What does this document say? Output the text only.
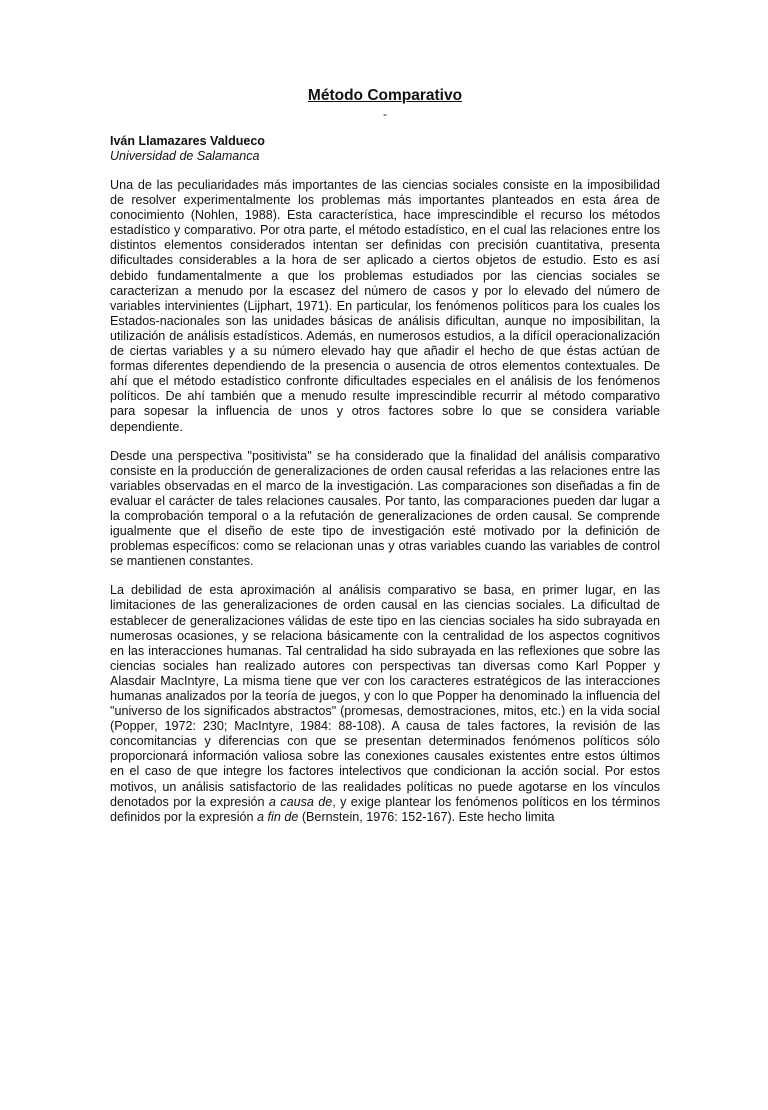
Método Comparativo
-
Iván Llamazares Valdueco
Universidad de Salamanca

Una de las peculiaridades más importantes de las ciencias sociales consiste en la imposibilidad de resolver experimentalmente los problemas más importantes planteados en esta área de conocimiento (Nohlen, 1988). Esta característica, hace imprescindible el recurso los métodos estadístico y comparativo. Por otra parte, el método estadístico, en el cual las relaciones entre los distintos elementos considerados intentan ser definidas con precisión cuantitativa, presenta dificultades considerables a la hora de ser aplicado a ciertos objetos de estudio. Esto es así debido fundamentalmente a que los problemas estudiados por las ciencias sociales se caracterizan a menudo por la escasez del número de casos y por lo elevado del número de variables intervinientes (Lijphart, 1971). En particular, los fenómenos políticos para los cuales los Estados-nacionales son las unidades básicas de análisis dificultan, aunque no imposibilitan, la utilización de análisis estadísticos. Además, en numerosos estudios, a la difícil operacionalización de ciertas variables y a su número elevado hay que añadir el hecho de que éstas actúan de formas diferentes dependiendo de la presencia o ausencia de otros elementos contextuales. De ahí que el método estadístico confronte dificultades especiales en el análisis de los fenómenos políticos. De ahí también que a menudo resulte imprescindible recurrir al método comparativo para sopesar la influencia de unos y otros factores sobre lo que se considera variable dependiente.

Desde una perspectiva "positivista" se ha considerado que la finalidad del análisis comparativo consiste en la producción de generalizaciones de orden causal referidas a las relaciones entre las variables observadas en el marco de la investigación. Las comparaciones son diseñadas a fin de evaluar el carácter de tales relaciones causales. Por tanto, las comparaciones pueden dar lugar a la comprobación temporal o a la refutación de generalizaciones de orden causal. Se comprende igualmente que el diseño de este tipo de investigación esté motivado por la definición de problemas específicos: como se relacionan unas y otras variables cuando las variables de control se mantienen constantes.

La debilidad de esta aproximación al análisis comparativo se basa, en primer lugar, en las limitaciones de las generalizaciones de orden causal en las ciencias sociales. La dificultad de establecer de generalizaciones válidas de este tipo en las ciencias sociales ha sido subrayada en numerosas ocasiones, y se relaciona básicamente con la centralidad de los aspectos cognitivos en las interacciones humanas. Tal centralidad ha sido subrayada en las reflexiones que sobre las ciencias sociales han realizado autores con perspectivas tan diversas como Karl Popper y Alasdair MacIntyre, La misma tiene que ver con los caracteres estratégicos de las interacciones humanas analizados por la teoría de juegos, y con lo que Popper ha denominado la influencia del "universo de los significados abstractos" (promesas, demostraciones, mitos, etc.) en la vida social (Popper, 1972: 230; MacIntyre, 1984: 88-108). A causa de tales factores, la revisión de las concomitancias y diferencias con que se presentan determinados fenómenos políticos sólo proporcionará información valiosa sobre las conexiones causales existentes entre estos últimos en el caso de que integre los factores intelectivos que condicionan la acción social. Por estos motivos, un análisis satisfactorio de las realidades políticas no puede agotarse en los vínculos denotados por la expresión a causa de, y exige plantear los fenómenos políticos en los términos definidos por la expresión a fin de (Bernstein, 1976: 152-167). Este hecho limita
